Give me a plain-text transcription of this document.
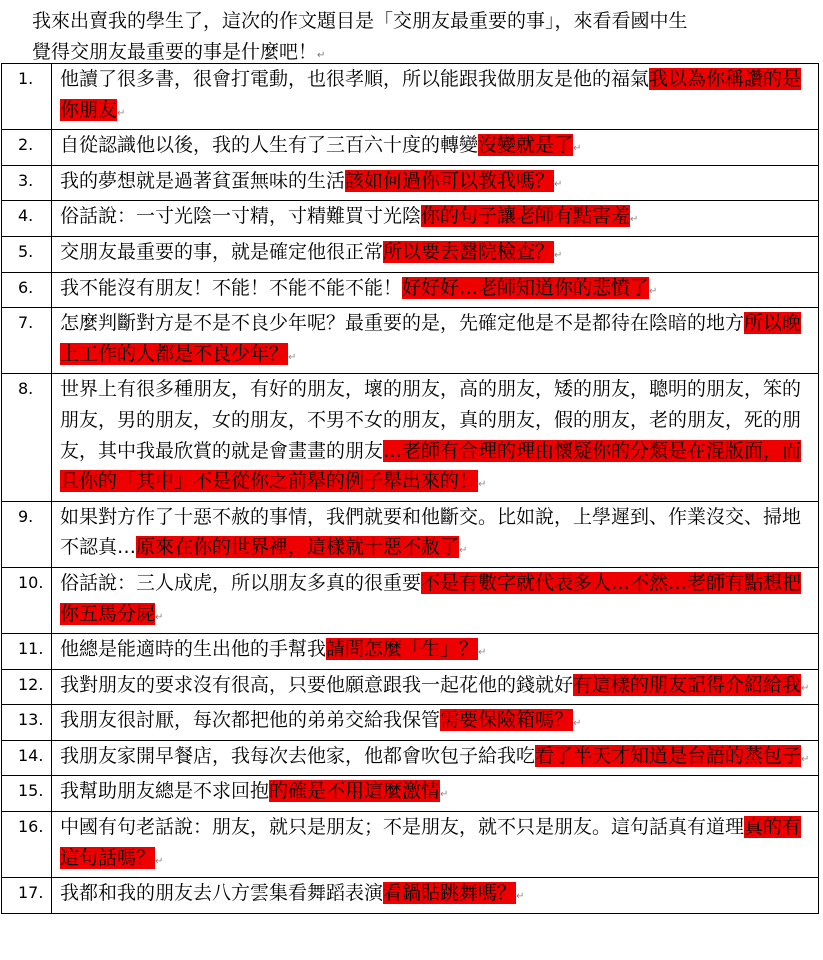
我來出賣我的學生了，這次的作文題目是「交朋友最重要的事」，來看看國中生
覺得交朋友最重要的事是什麼吧！↵
1.	他讀了很多書，很會打電動，也很孝順，所以能跟我做朋友是他的福氣我以為你稱讚的是你朋友↵
2.	自從認識他以後，我的人生有了三百六十度的轉變沒變就是了↵
3.	我的夢想就是過著貧蛋無味的生活該如何過你可以教我嗎？↵
4.	俗話說：一寸光陰一寸精，寸精難買寸光陰你的句子讓老師有點害羞↵
5.	交朋友最重要的事，就是確定他很正常所以要去醫院檢查？↵
6.	我不能沒有朋友！不能！不能不能不能！好好好…老師知道你的悲憤了↵
7.	怎麼判斷對方是不是不良少年呢？最重要的是，先確定他是不是都待在陰暗的地方所以晚上工作的人都是不良少年？↵
8.	世界上有很多種朋友，有好的朋友，壞的朋友，高的朋友，矮的朋友，聰明的朋友，笨的朋友，男的朋友，女的朋友，不男不女的朋友，真的朋友，假的朋友，老的朋友，死的朋友，其中我最欣賞的就是會畫畫的朋友…老師有合理的理由懷疑你的分類是在混版面，而且你的「其中」不是從你之前舉的例子舉出來的！↵
9.	如果對方作了十惡不赦的事情，我們就要和他斷交。比如說，上學遲到、作業沒交、掃地不認真…原來在你的世界裡，這樣就十惡不赦了↵
10.	俗話說：三人成虎，所以朋友多真的很重要不是有數字就代表多人…不然…老師有點想把你五馬分屍↵
11.	他總是能適時的生出他的手幫我請問怎麼「生」？↵
12.	我對朋友的要求沒有很高，只要他願意跟我一起花他的錢就好有這樣的朋友記得介紹給我↵
13.	我朋友很討厭，每次都把他的弟弟交給我保管需要保險箱嗎？↵
14.	我朋友家開早餐店，我每次去他家，他都會吹包子給我吃看了半天才知道是台語的蒸包子↵
15.	我幫助朋友總是不求回抱的確是不用這麼激情↵
16.	中國有句老話說：朋友，就只是朋友；不是朋友，就不只是朋友。這句話真有道理真的有這句話嗎？↵
17.	我都和我的朋友去八方雲集看舞蹈表演看鍋貼跳舞嗎？↵
